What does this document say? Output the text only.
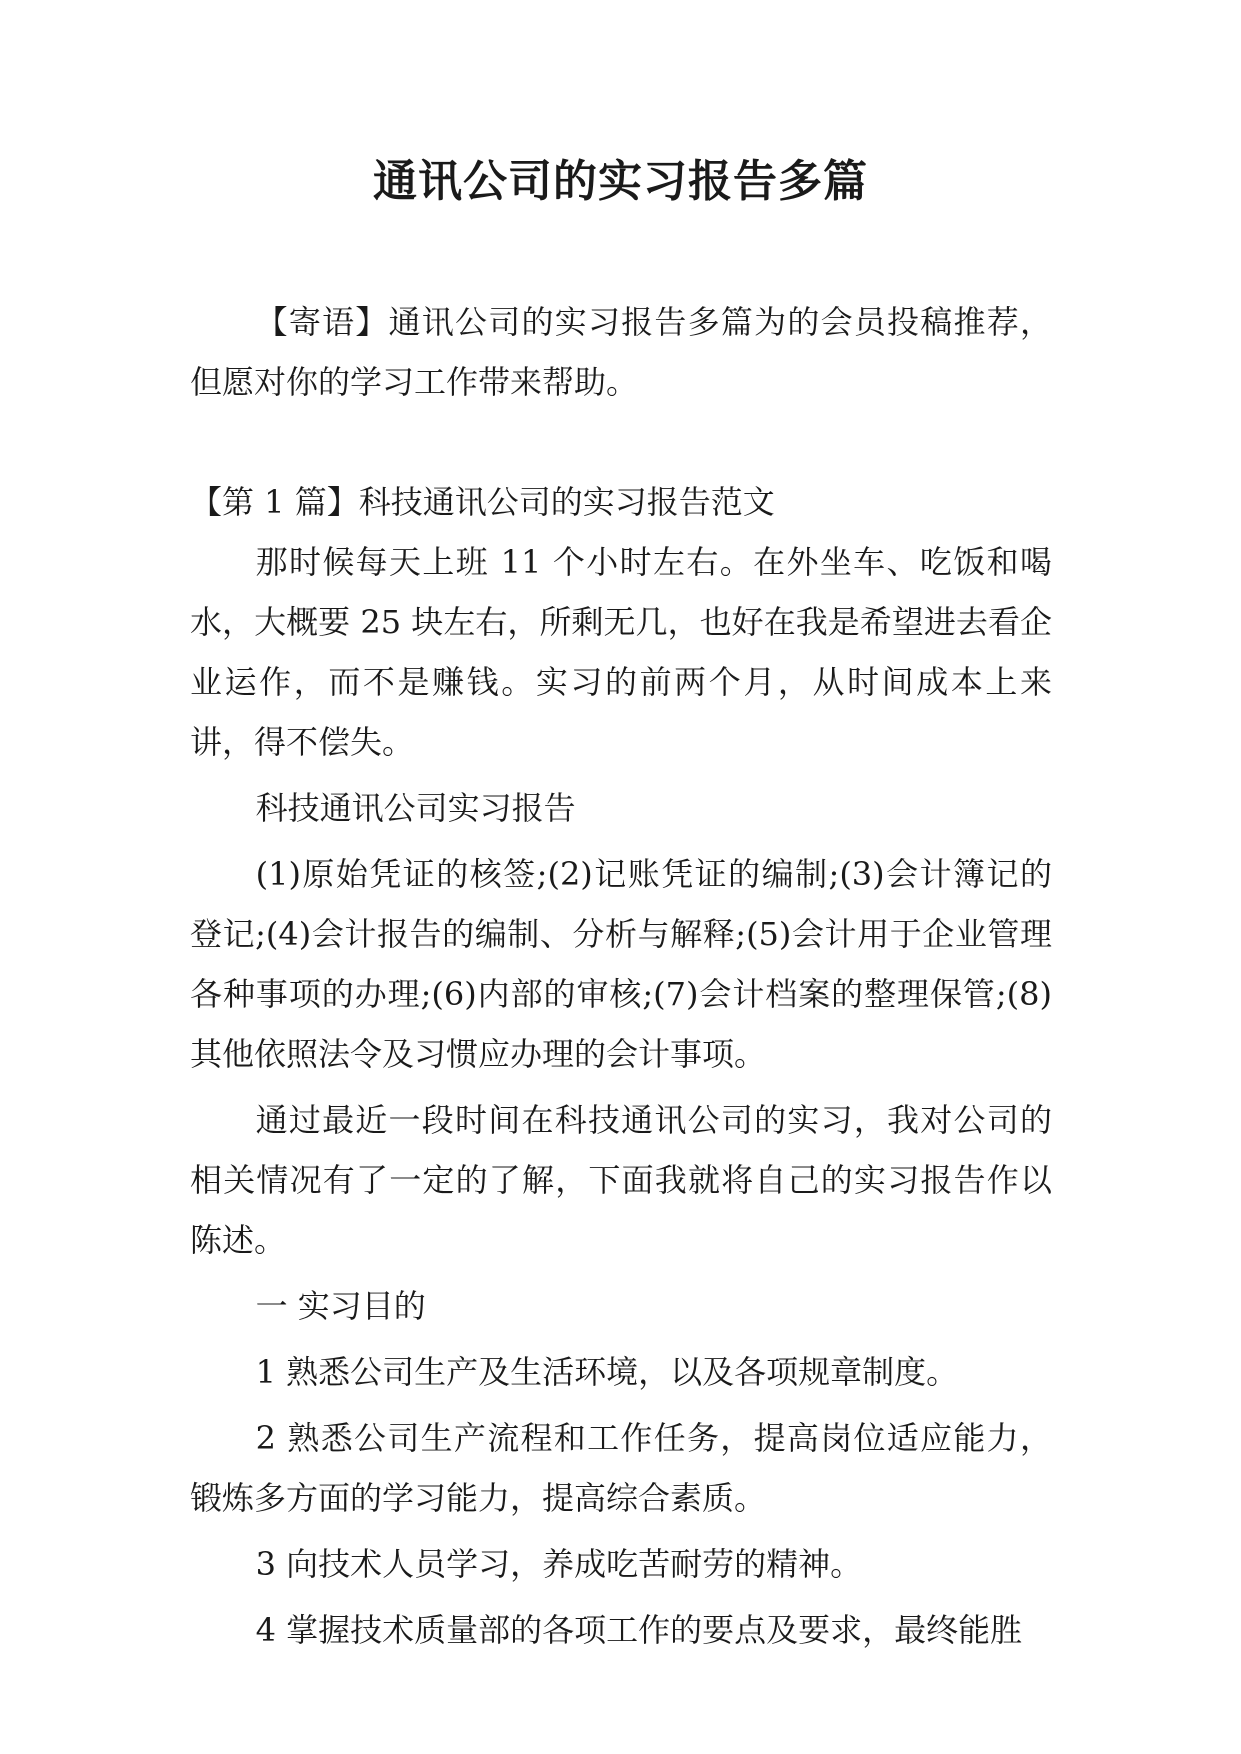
通讯公司的实习报告多篇

【寄语】通讯公司的实习报告多篇为的会员投稿推荐，但愿对你的学习工作带来帮助。

【第 1 篇】科技通讯公司的实习报告范文

那时候每天上班 11 个小时左右。在外坐车、吃饭和喝水，大概要 25 块左右，所剩无几，也好在我是希望进去看企业运作，而不是赚钱。实习的前两个月，从时间成本上来讲，得不偿失。

科技通讯公司实习报告

(1)原始凭证的核签;(2)记账凭证的编制;(3)会计簿记的登记;(4)会计报告的编制、分析与解释;(5)会计用于企业管理各种事项的办理;(6)内部的审核;(7)会计档案的整理保管;(8)其他依照法令及习惯应办理的会计事项。

通过最近一段时间在科技通讯公司的实习，我对公司的相关情况有了一定的了解，下面我就将自己的实习报告作以陈述。

一 实习目的

1 熟悉公司生产及生活环境，以及各项规章制度。

2 熟悉公司生产流程和工作任务，提高岗位适应能力，锻炼多方面的学习能力，提高综合素质。

3 向技术人员学习，养成吃苦耐劳的精神。

4 掌握技术质量部的各项工作的要点及要求，最终能胜
